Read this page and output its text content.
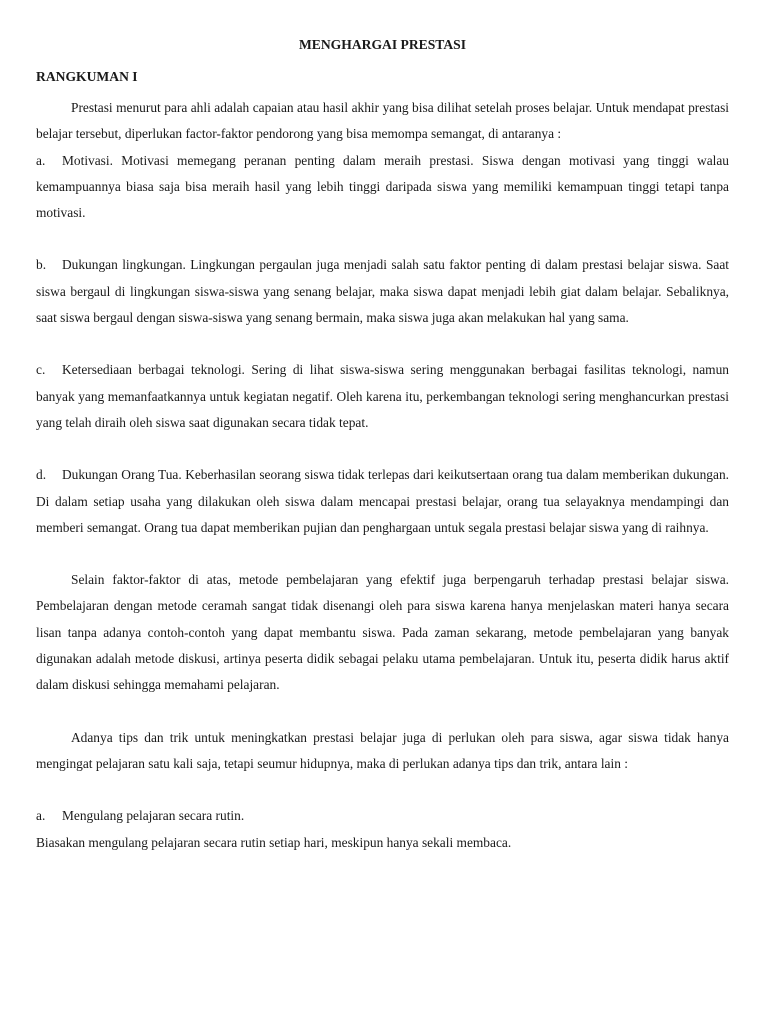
MENGHARGAI PRESTASI
RANGKUMAN I

Prestasi menurut para ahli adalah capaian atau hasil akhir yang bisa dilihat setelah proses belajar. Untuk mendapat prestasi belajar tersebut, diperlukan factor-faktor pendorong yang bisa memompa semangat, di antaranya :

a. Motivasi. Motivasi memegang peranan penting dalam meraih prestasi. Siswa dengan motivasi yang tinggi walau kemampuannya biasa saja bisa meraih hasil yang lebih tinggi daripada siswa yang memiliki kemampuan tinggi tetapi tanpa motivasi.

b. Dukungan lingkungan. Lingkungan pergaulan juga menjadi salah satu faktor penting di dalam prestasi belajar siswa. Saat siswa bergaul di lingkungan siswa-siswa yang senang belajar, maka siswa dapat menjadi lebih giat dalam belajar. Sebaliknya, saat siswa bergaul dengan siswa-siswa yang senang bermain, maka siswa juga akan melakukan hal yang sama.

c. Ketersediaan berbagai teknologi. Sering di lihat siswa-siswa sering menggunakan berbagai fasilitas teknologi, namun banyak yang memanfaatkannya untuk kegiatan negatif. Oleh karena itu, perkembangan teknologi sering menghancurkan prestasi yang telah diraih oleh siswa saat digunakan secara tidak tepat.

d. Dukungan Orang Tua. Keberhasilan seorang siswa tidak terlepas dari keikutsertaan orang tua dalam memberikan dukungan. Di dalam setiap usaha yang dilakukan oleh siswa dalam mencapai prestasi belajar, orang tua selayaknya mendampingi dan memberi semangat. Orang tua dapat memberikan pujian dan penghargaan untuk segala prestasi belajar siswa yang di raihnya.

Selain faktor-faktor di atas, metode pembelajaran yang efektif juga berpengaruh terhadap prestasi belajar siswa. Pembelajaran dengan metode ceramah sangat tidak disenangi oleh para siswa karena hanya menjelaskan materi hanya secara lisan tanpa adanya contoh-contoh yang dapat membantu siswa. Pada zaman sekarang, metode pembelajaran yang banyak digunakan adalah metode diskusi, artinya peserta didik sebagai pelaku utama pembelajaran. Untuk itu, peserta didik harus aktif dalam diskusi sehingga memahami pelajaran.

Adanya tips dan trik untuk meningkatkan prestasi belajar juga di perlukan oleh para siswa, agar siswa tidak hanya mengingat pelajaran satu kali saja, tetapi seumur hidupnya, maka di perlukan adanya tips dan trik, antara lain :

a. Mengulang pelajaran secara rutin.

Biasakan mengulang pelajaran secara rutin setiap hari, meskipun hanya sekali membaca.
